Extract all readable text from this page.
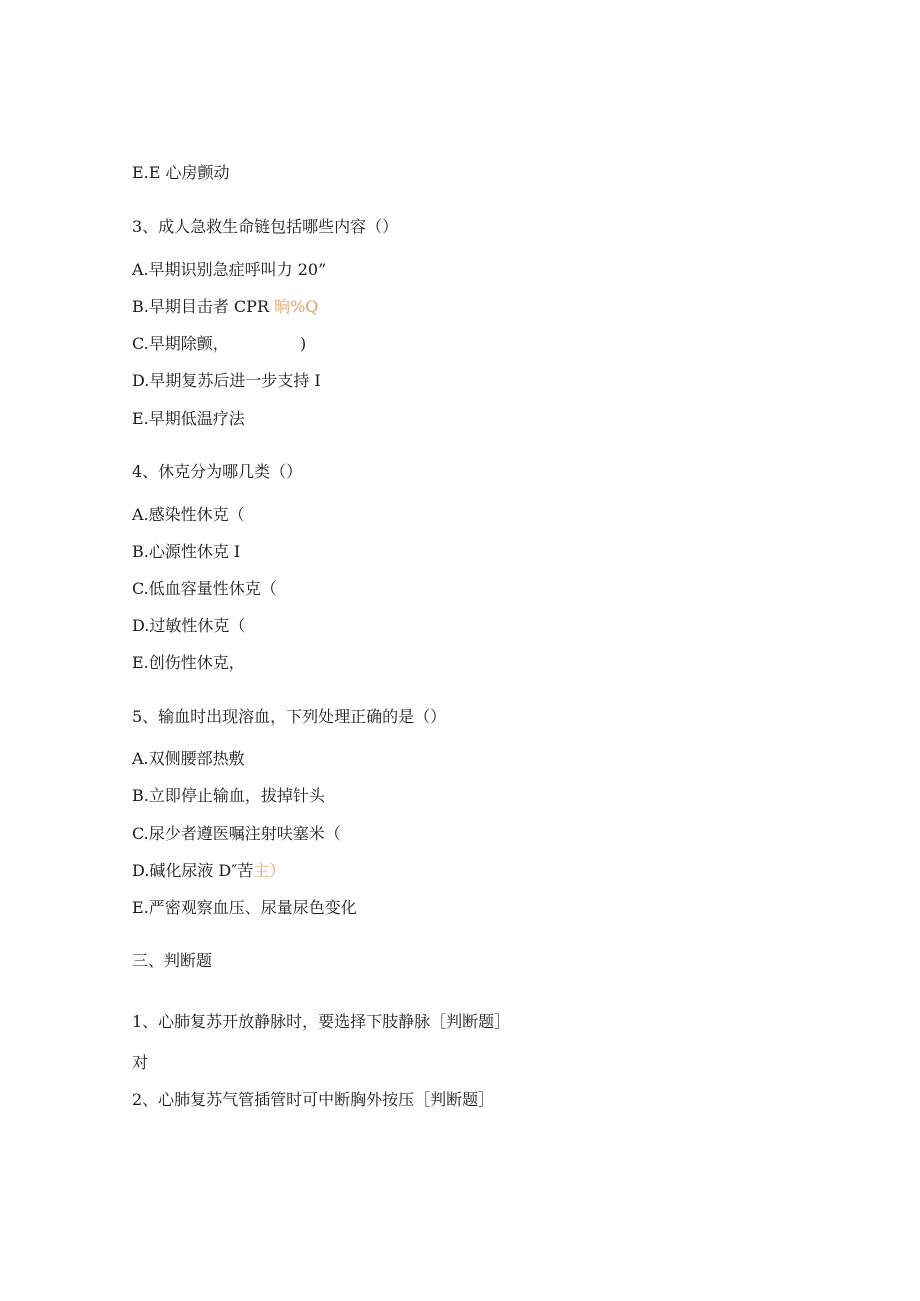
E.E 心房颤动

3、成人急救生命链包括哪些内容（）

A.早期识别急症呼叫力 20”

B.早期目击者 CPR 晌%Q

C.早期除颤，	)

D.早期复苏后进一步支持 I

E.早期低温疗法

4、休克分为哪几类（）

A.感染性休克（

B.心源性休克 I

C.低血容量性休克（

D.过敏性休克（

E.创伤性休克，

5、输血时出现溶血，下列处理正确的是（）

A.双侧腰部热敷

B.立即停止输血，拔掉针头

C.尿少者遵医嘱注射呋塞米（

D.碱化尿液 D″苦主）

E.严密观察血压、尿量尿色变化

三、判断题

1、心肺复苏开放静脉时，要选择下肢静脉［判断题］

对

2、心肺复苏气管插管时可中断胸外按压［判断题］
